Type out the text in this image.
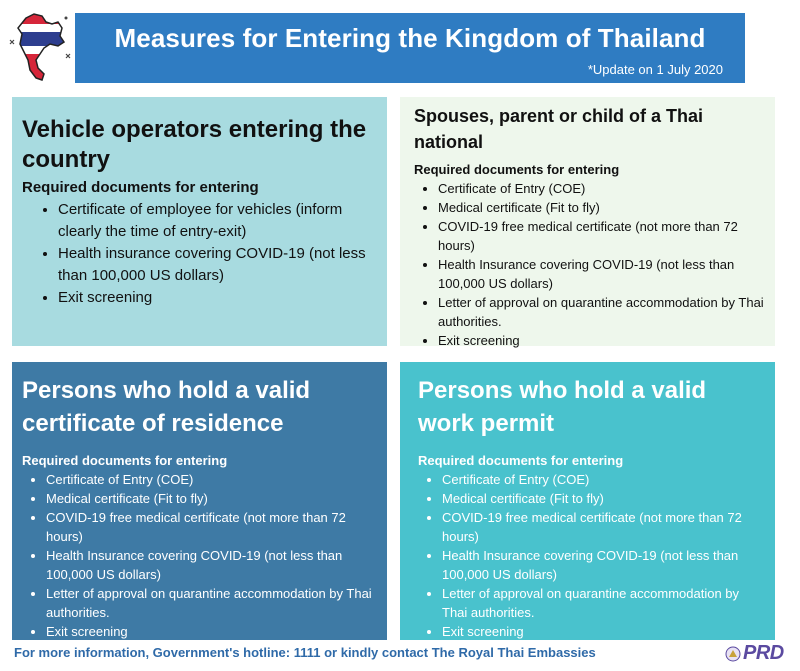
Measures for Entering the Kingdom of Thailand
*Update on 1 July 2020

Vehicle operators entering the country

Required documents for entering

• Certificate of employee for vehicles (inform clearly the time of entry-exit)
• Health insurance covering COVID-19 (not less than 100,000 US dollars)
• Exit screening

Spouses, parent or child of a Thai national

Required documents for entering

• Certificate of Entry (COE)
• Medical certificate (Fit to fly)
• COVID-19 free medical certificate (not more than 72 hours)
• Health Insurance covering COVID-19 (not less than 100,000 US dollars)
• Letter of approval on quarantine accommodation by Thai authorities.
• Exit screening

Persons who hold a valid certificate of residence

Required documents for entering

• Certificate of Entry (COE)
• Medical certificate (Fit to fly)
• COVID-19 free medical certificate (not more than 72 hours)
• Health Insurance covering COVID-19 (not less than 100,000 US dollars)
• Letter of approval on quarantine accommodation by Thai authorities.
• Exit screening

Persons who hold a valid work permit

Required documents for entering

• Certificate of Entry (COE)
• Medical certificate (Fit to fly)
• COVID-19 free medical certificate (not more than 72 hours)
• Health Insurance covering COVID-19 (not less than 100,000 US dollars)
• Letter of approval on quarantine accommodation by Thai authorities.
• Exit screening
For more information, Government's hotline: 1111 or kindly contact The Royal Thai Embassies	PRD
